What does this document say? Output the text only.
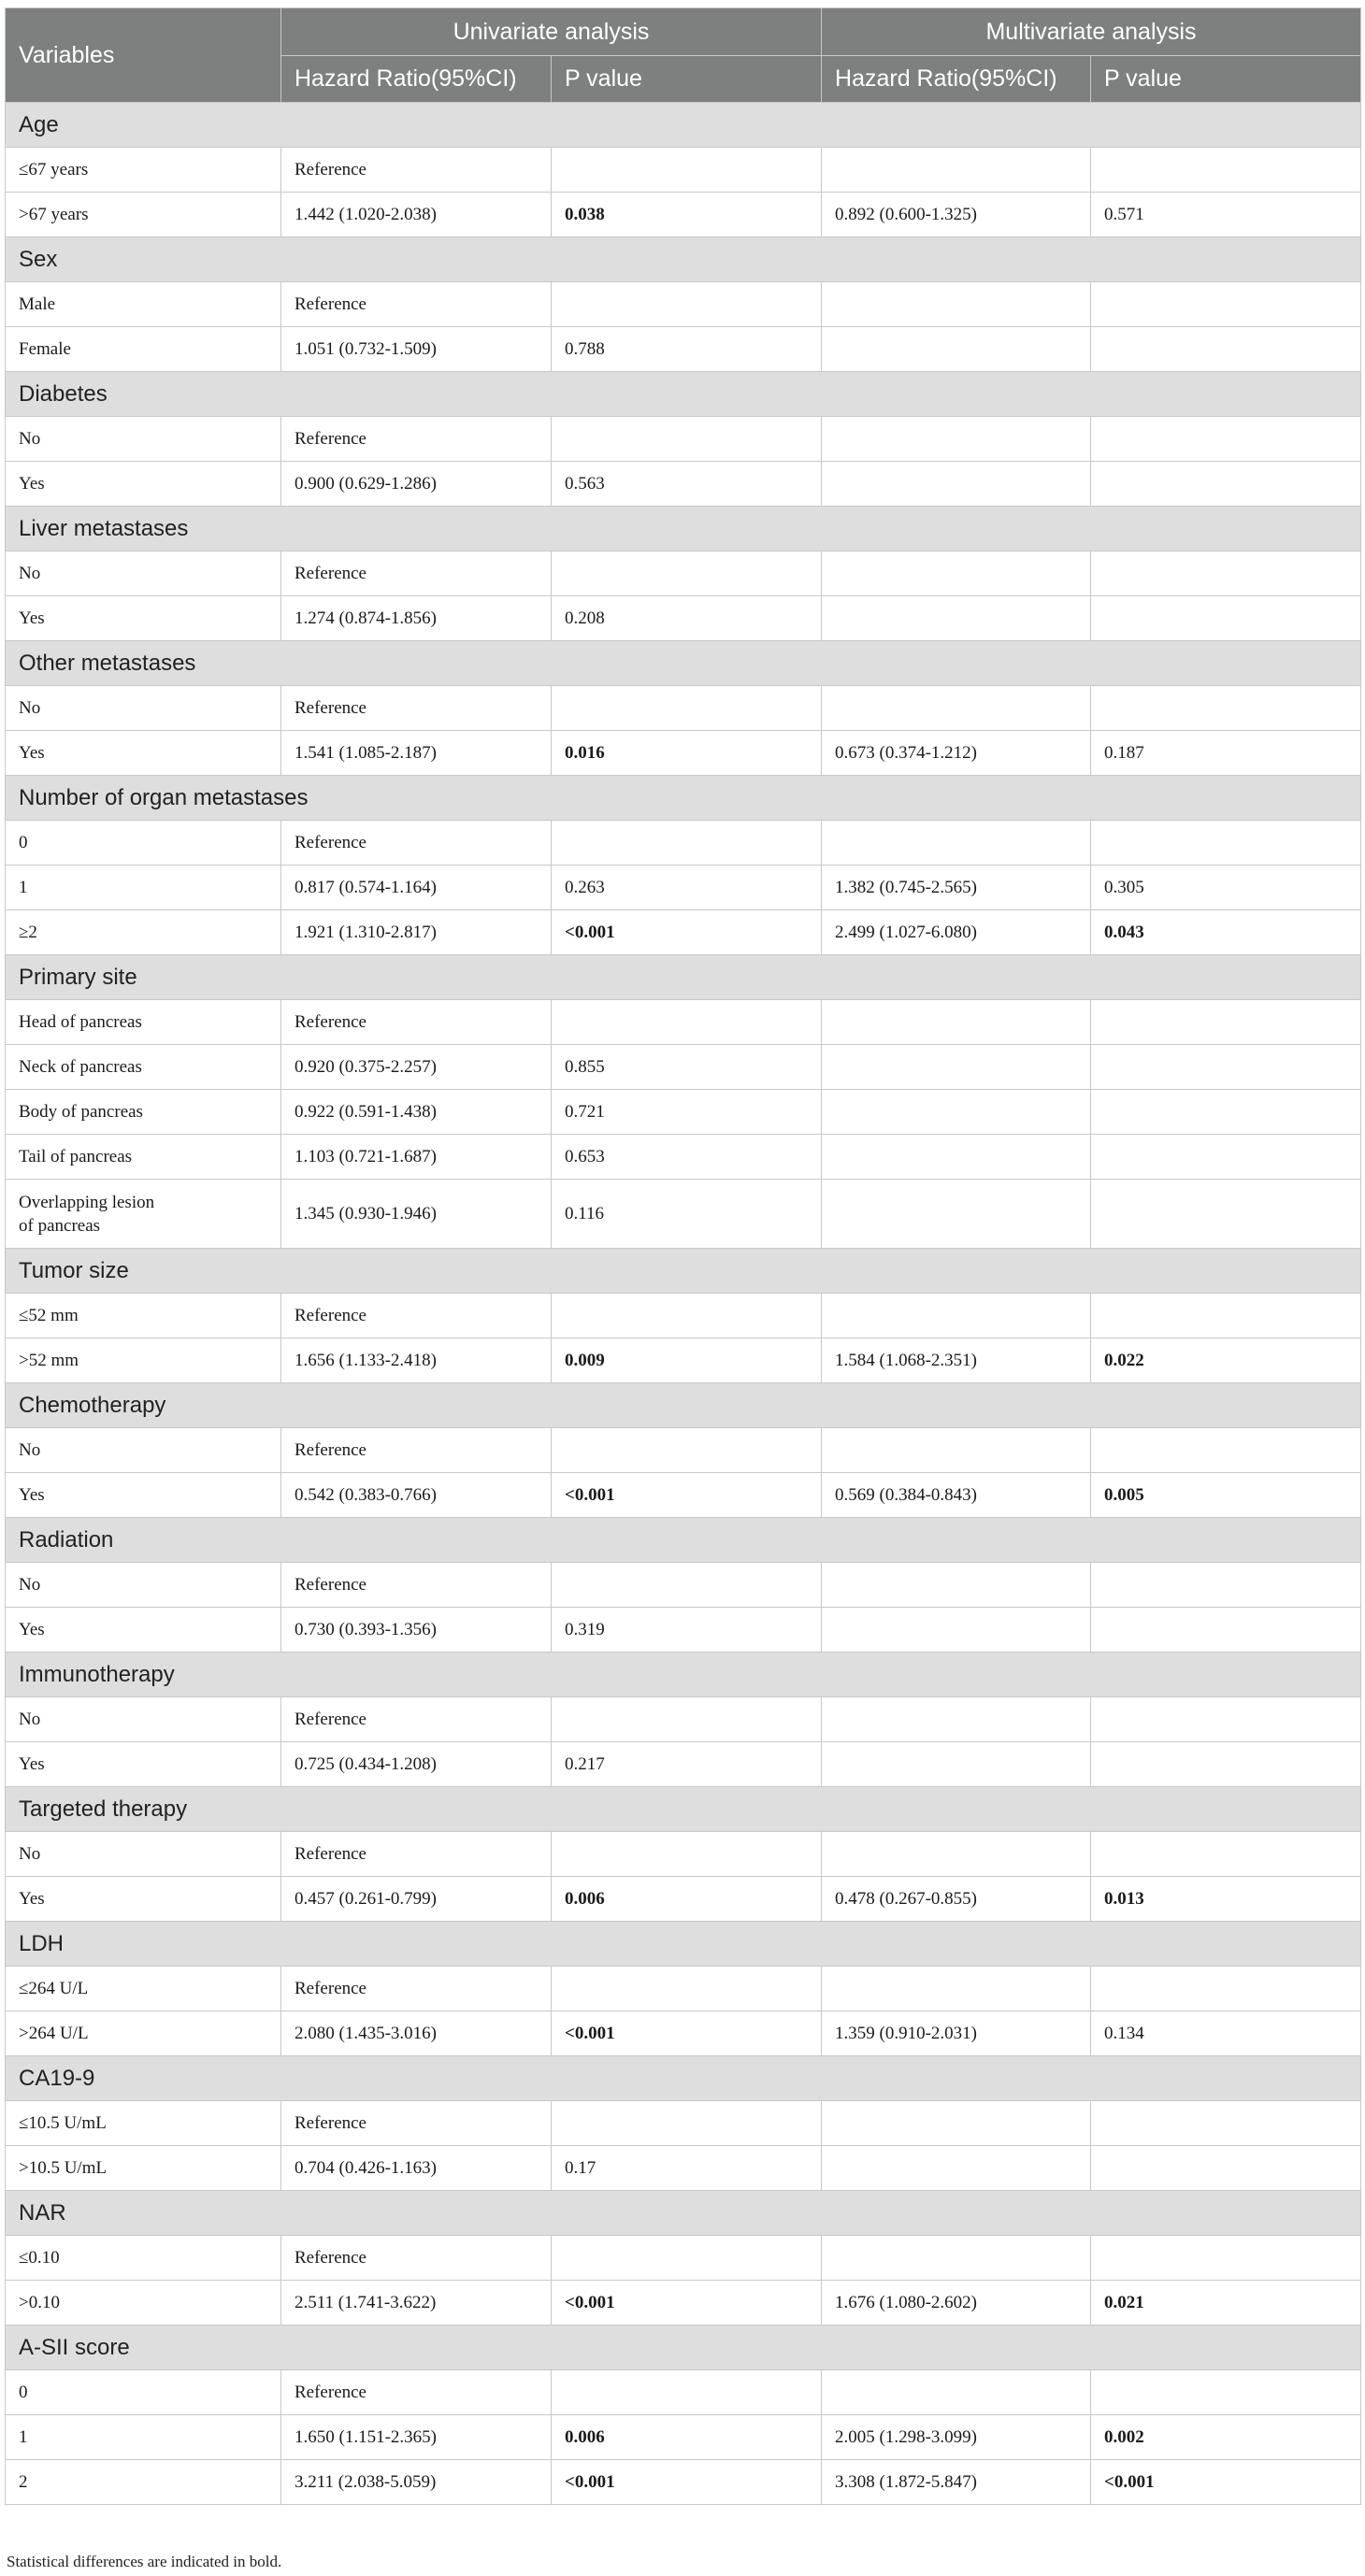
Variables	Univariate analysis		Multivariate analysis	
	Hazard Ratio(95%CI)	P value	Hazard Ratio(95%CI)	P value
Age				
≤67 years	Reference			
>67 years	1.442 (1.020-2.038)	0.038	0.892 (0.600-1.325)	0.571
Sex				
Male	Reference			
Female	1.051 (0.732-1.509)	0.788		
Diabetes				
No	Reference			
Yes	0.900 (0.629-1.286)	0.563		
Liver metastases				
No	Reference			
Yes	1.274 (0.874-1.856)	0.208		
Other metastases				
No	Reference			
Yes	1.541 (1.085-2.187)	0.016	0.673 (0.374-1.212)	0.187
Number of organ metastases				
0	Reference			
1	0.817 (0.574-1.164)	0.263	1.382 (0.745-2.565)	0.305
≥2	1.921 (1.310-2.817)	<0.001	2.499 (1.027-6.080)	0.043
Primary site				
Head of pancreas	Reference			
Neck of pancreas	0.920 (0.375-2.257)	0.855		
Body of pancreas	0.922 (0.591-1.438)	0.721		
Tail of pancreas	1.103 (0.721-1.687)	0.653		
Overlapping lesion
of pancreas	1.345 (0.930-1.946)	0.116		
Tumor size				
≤52 mm	Reference			
>52 mm	1.656 (1.133-2.418)	0.009	1.584 (1.068-2.351)	0.022
Chemotherapy				
No	Reference			
Yes	0.542 (0.383-0.766)	<0.001	0.569 (0.384-0.843)	0.005
Radiation				
No	Reference			
Yes	0.730 (0.393-1.356)	0.319		
Immunotherapy				
No	Reference			
Yes	0.725 (0.434-1.208)	0.217		
Targeted therapy				
No	Reference			
Yes	0.457 (0.261-0.799)	0.006	0.478 (0.267-0.855)	0.013
LDH				
≤264 U/L	Reference			
>264 U/L	2.080 (1.435-3.016)	<0.001	1.359 (0.910-2.031)	0.134
CA19-9				
≤10.5 U/mL	Reference			
>10.5 U/mL	0.704 (0.426-1.163)	0.17		
NAR				
≤0.10	Reference			
>0.10	2.511 (1.741-3.622)	<0.001	1.676 (1.080-2.602)	0.021
A-SII score				
0	Reference			
1	1.650 (1.151-2.365)	0.006	2.005 (1.298-3.099)	0.002
2	3.211 (2.038-5.059)	<0.001	3.308 (1.872-5.847)	<0.001
Statistical differences are indicated in bold.
